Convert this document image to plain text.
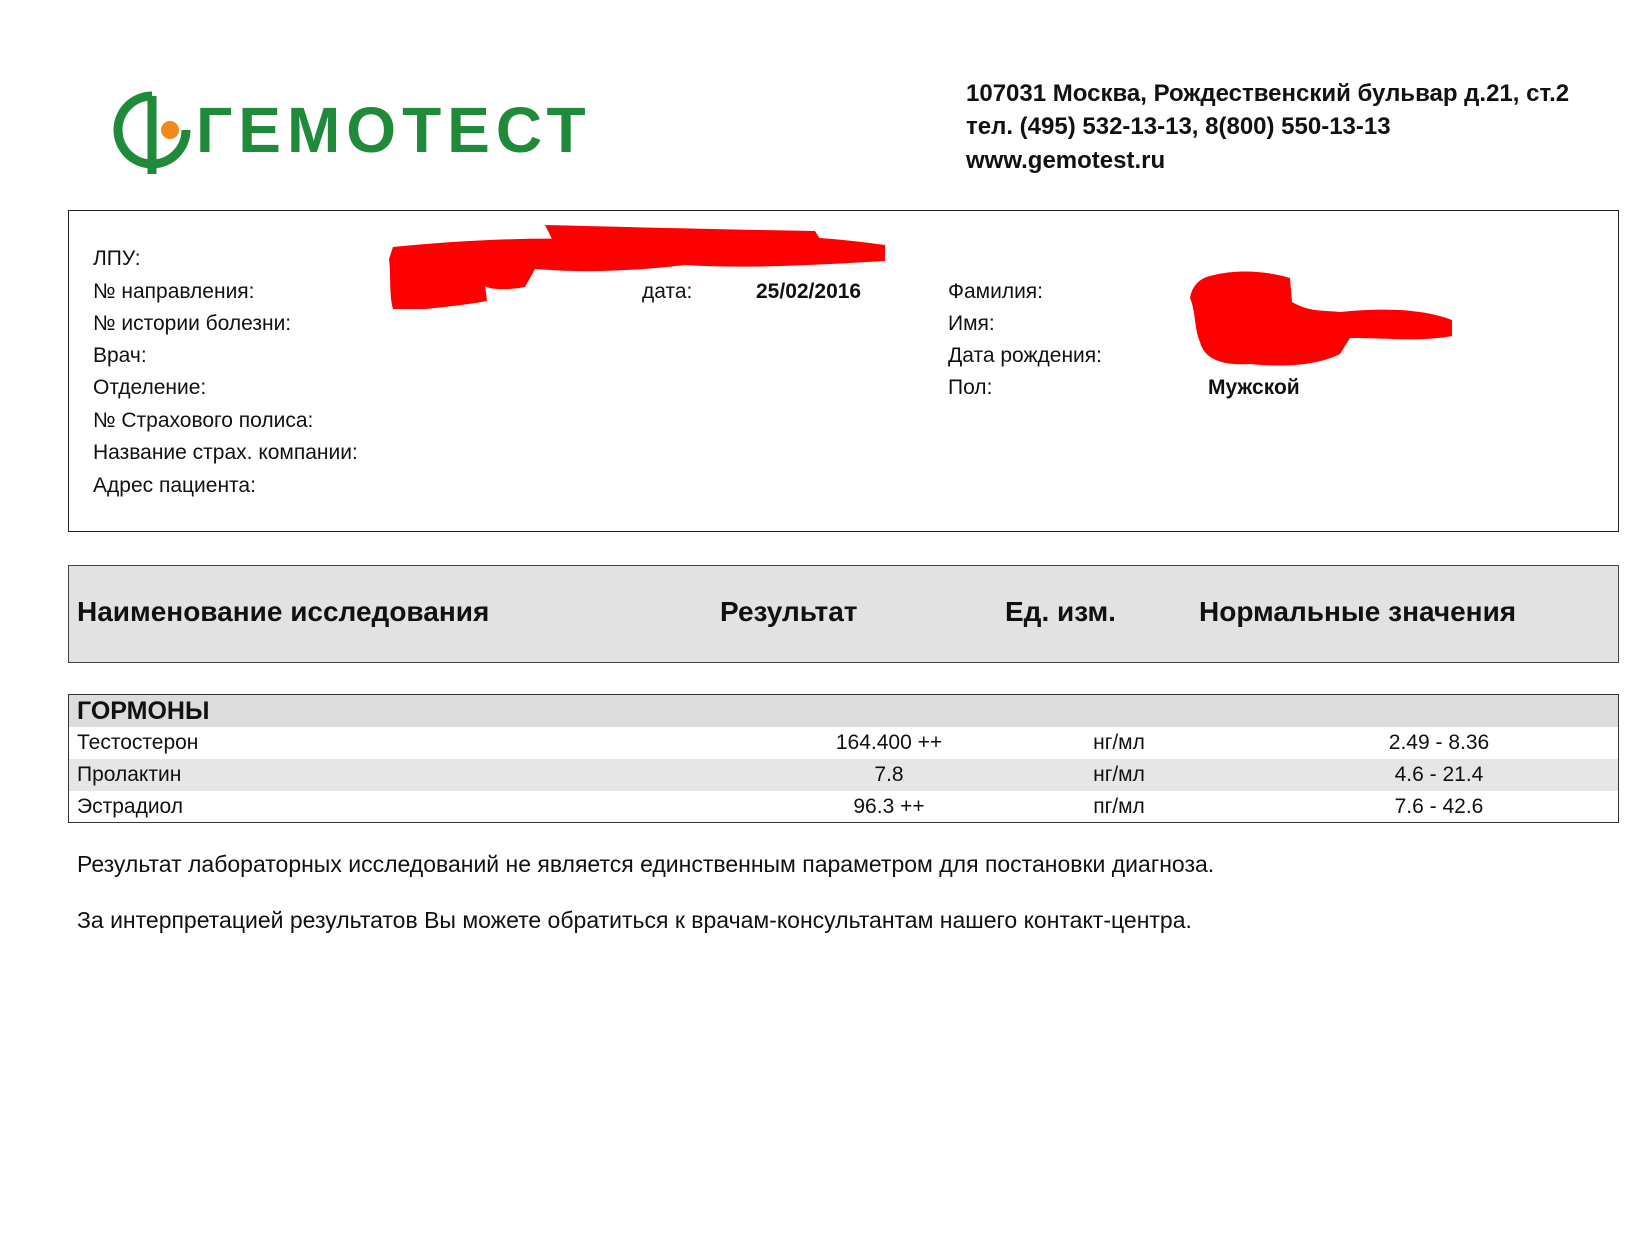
ГЕМОТЕСТ
107031 Москва, Рождественский бульвар д.21, ст.2
тел. (495) 532-13-13, 8(800) 550-13-13
www.gemotest.ru
ЛПУ:
№ направления:
№ истории болезни:
Врач:
Отделение:
№ Страхового полиса:
Название страх. компании:
Адрес пациента:
дата:	25/02/2016	Фамилия:
Имя:
Дата рождения:
Пол:	Мужской
Наименование исследования	Результат	Ед. изм.	Нормальные значения
ГОРМОНЫ
Тестостерон	164.400 ++	нг/мл	2.49 - 8.36
Пролактин	7.8	нг/мл	4.6 - 21.4
Эстрадиол	96.3 ++	пг/мл	7.6 - 42.6
Результат лабораторных исследований не является единственным параметром для постановки диагноза.
За интерпретацией результатов Вы можете обратиться к врачам-консультантам нашего контакт-центра.
